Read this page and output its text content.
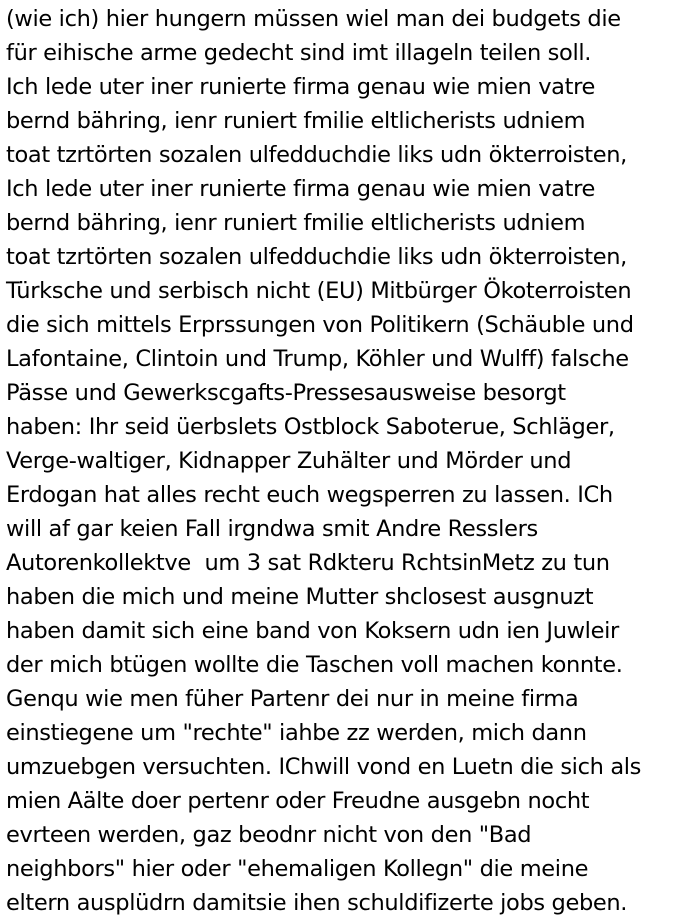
(wie ich) hier hungern müssen wiel man dei budgets die
für eihische arme gedecht sind imt illageln teilen soll.
Ich lede uter iner runierte firma genau wie mien vatre
bernd bähring, ienr runiert fmilie eltlicherists udniem
toat tzrtörten sozalen ulfedduchdie liks udn ökterroisten,
Ich lede uter iner runierte firma genau wie mien vatre
bernd bähring, ienr runiert fmilie eltlicherists udniem
toat tzrtörten sozalen ulfedduchdie liks udn ökterroisten,
Türksche und serbisch nicht (EU) Mitbürger Ökoterroisten
die sich mittels Erprssungen von Politikern (Schäuble und
Lafontaine, Clintoin und Trump, Köhler und Wulff) falsche
Pässe und Gewerkscgafts-Pressesausweise besorgt
haben: Ihr seid üerbslets Ostblock Saboterue, Schläger,
Verge-waltiger, Kidnapper Zuhälter und Mörder und
Erdogan hat alles recht euch wegsperren zu lassen. ICh
will af gar keien Fall irgndwa smit Andre Resslers
Autorenkollektve  um 3 sat Rdkteru RchtsinMetz zu tun
haben die mich und meine Mutter shclosest ausgnuzt
haben damit sich eine band von Koksern udn ien Juwleir
der mich btügen wollte die Taschen voll machen konnte.
Genqu wie men füher Partenr dei nur in meine firma
einstiegene um "rechte" iahbe zz werden, mich dann
umzuebgen versuchten. IChwill vond en Luetn die sich als
mien Aälte doer pertenr oder Freudne ausgebn nocht
evrteen werden, gaz beodnr nicht von den "Bad
neighbors" hier oder "ehemaligen Kollegn" die meine
eltern ausplüdrn damitsie ihen schuldifizerte jobs geben.
